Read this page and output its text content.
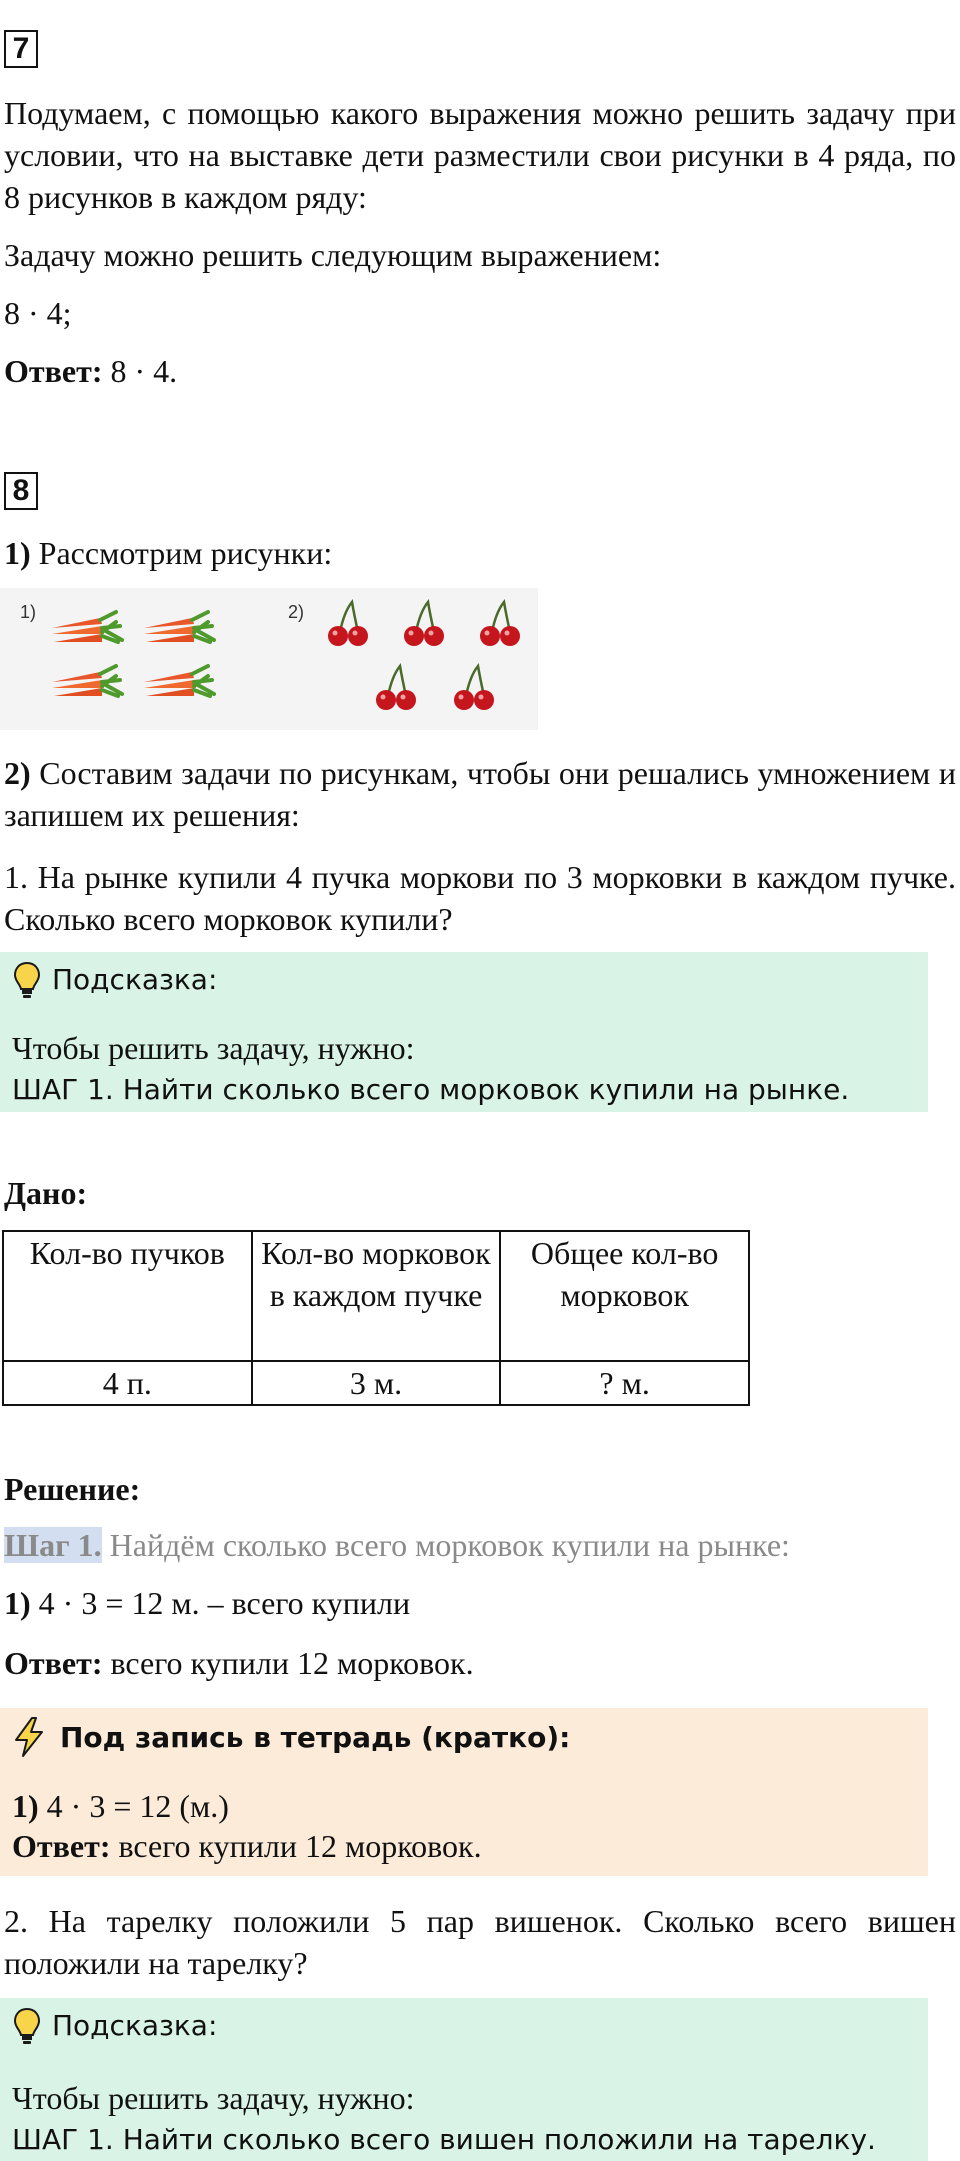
7

Подумаем, с помощью какого выражения можно решить задачу при условии, что на выставке дети разместили свои рисунки в 4 ряда, по 8 рисунков в каждом ряду:

Задачу можно решить следующим выражением:

8 · 4;

Ответ: 8 · 4.

8

1) Рассмотрим рисунки:

1)	2)

2) Составим задачи по рисункам, чтобы они решались умножением и запишем их решения:

1. На рынке купили 4 пучка моркови по 3 морковки в каждом пучке. Сколько всего морковок купили?

Подсказка:
Чтобы решить задачу, нужно:
ШАГ 1. Найти сколько всего морковок купили на рынке.

Дано:

Кол-во пучков	Кол-во морковок в каждом пучке	Общее кол-во морковок
4 п.	3 м.	? м.

Решение:

Шаг 1. Найдём сколько всего морковок купили на рынке:

1) 4 · 3 = 12 м. – всего купили

Ответ: всего купили 12 морковок.

Под запись в тетрадь (кратко):
1) 4 · 3 = 12 (м.)
Ответ: всего купили 12 морковок.

2. На тарелку положили 5 пар вишенок. Сколько всего вишен положили на тарелку?

Подсказка:
Чтобы решить задачу, нужно:
ШАГ 1. Найти сколько всего вишен положили на тарелку.
